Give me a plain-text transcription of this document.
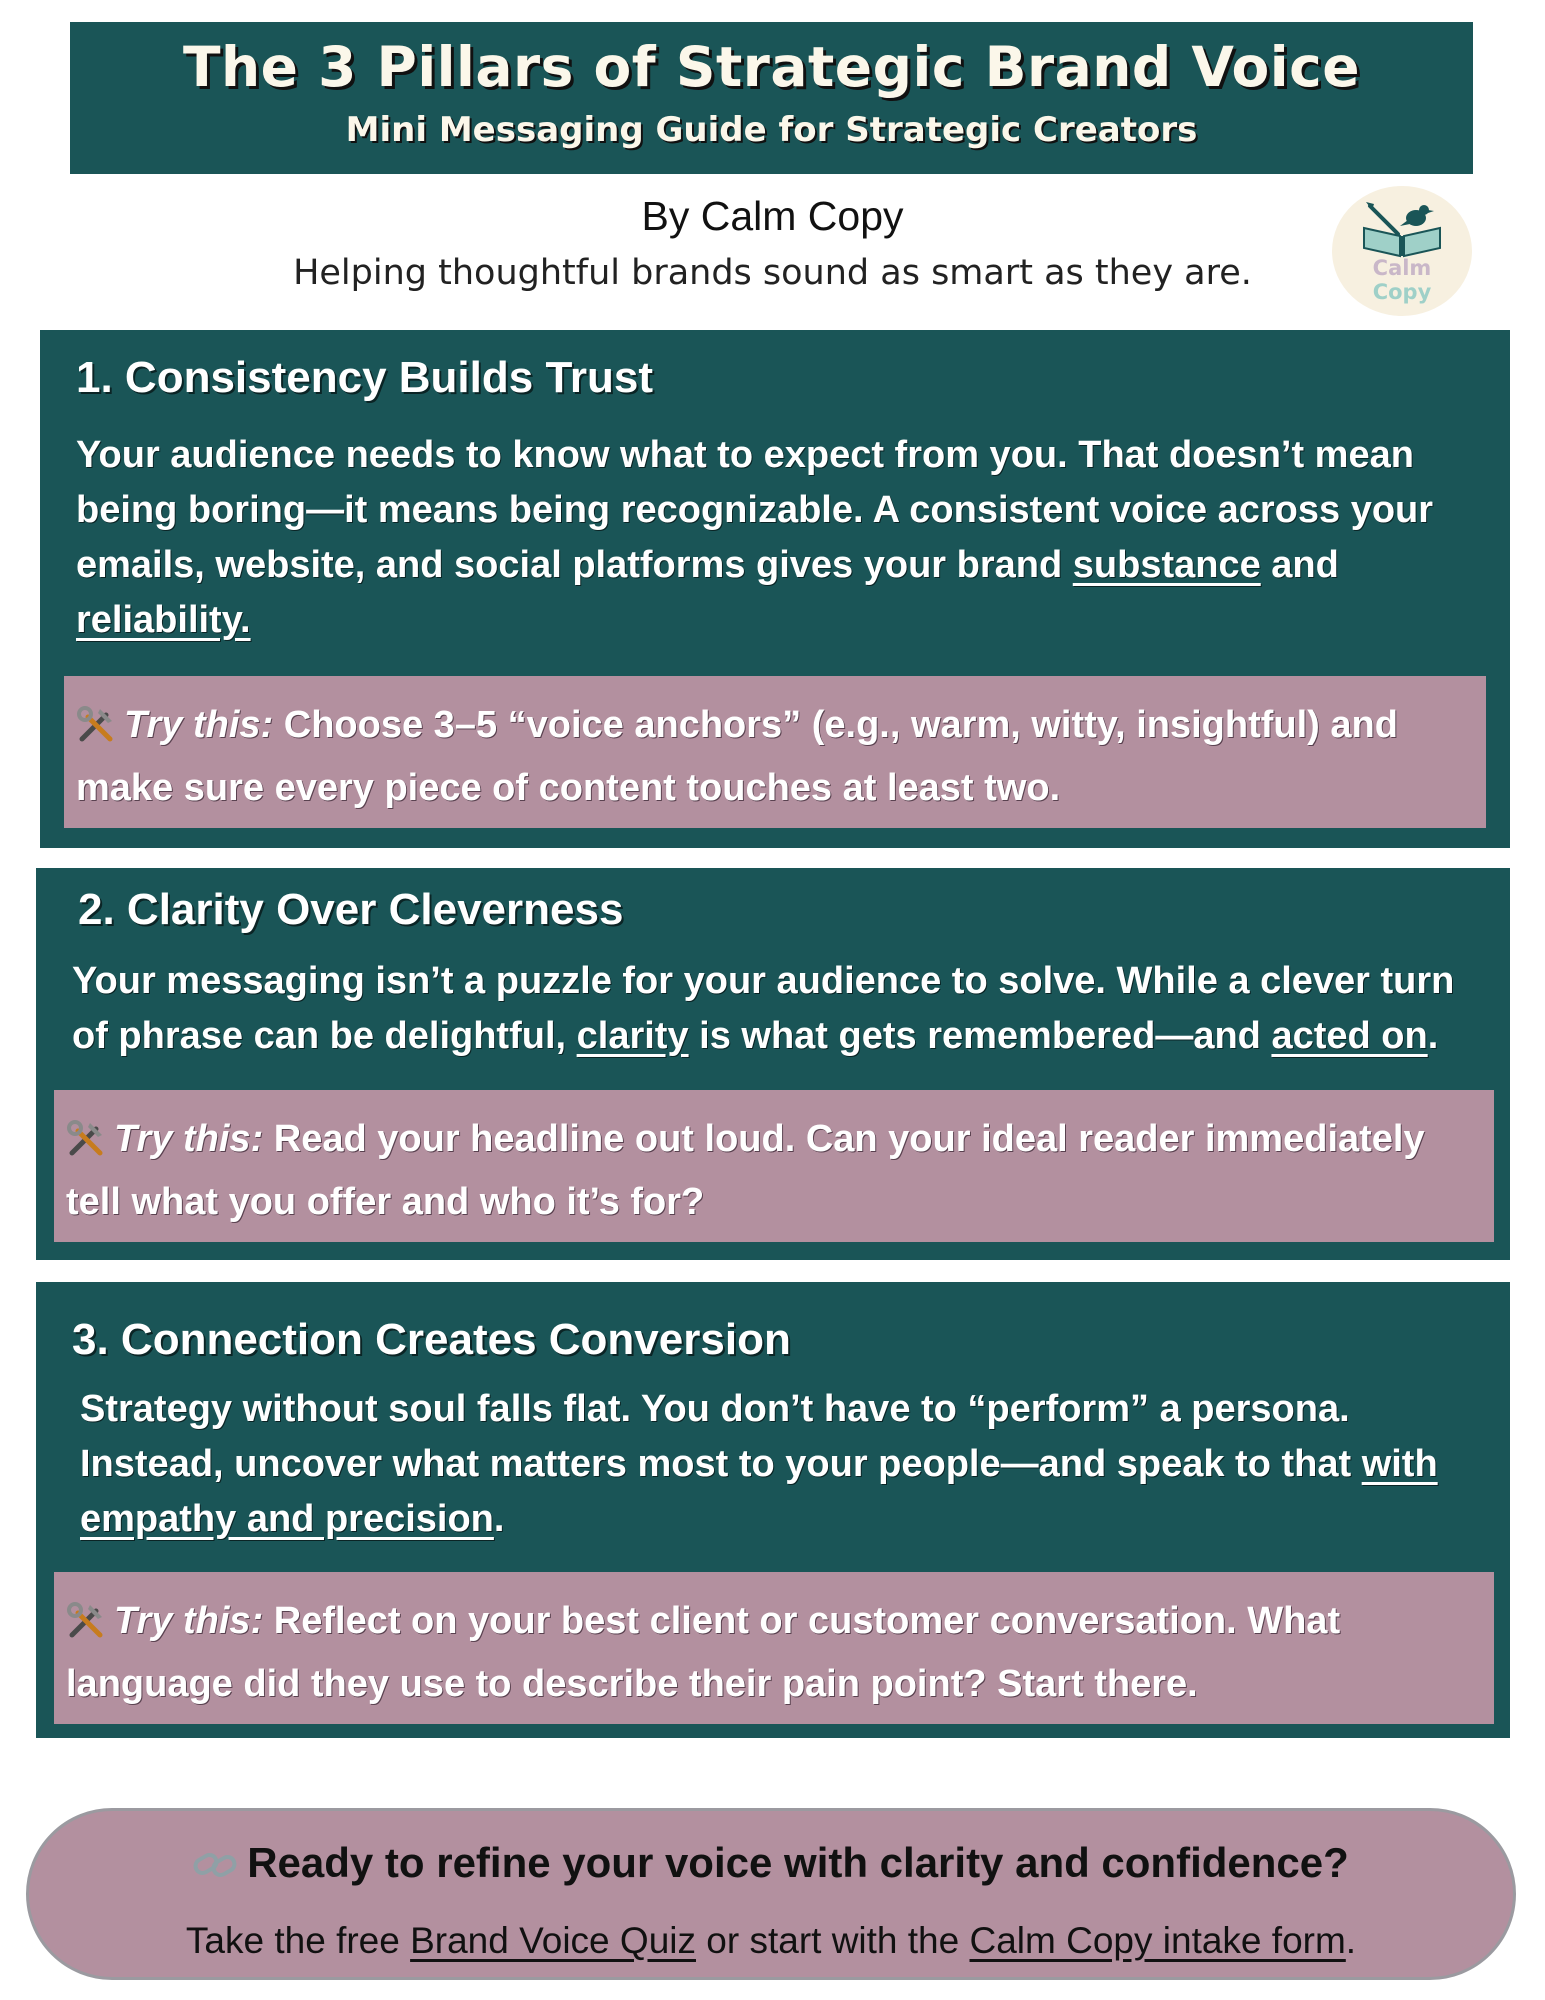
The 3 Pillars of Strategic Brand Voice
Mini Messaging Guide for Strategic Creators
By Calm Copy
Helping thoughtful brands sound as smart as they are.	Calm
Copy
1. Consistency Builds Trust
Your audience needs to know what to expect from you. That doesn’t mean being boring—it means being recognizable. A consistent voice across your emails, website, and social platforms gives your brand substance and reliability.
Try this: Choose 3–5 “voice anchors” (e.g., warm, witty, insightful) and make sure every piece of content touches at least two.
2. Clarity Over Cleverness
Your messaging isn’t a puzzle for your audience to solve. While a clever turn of phrase can be delightful, clarity is what gets remembered—and acted on.
Try this: Read your headline out loud. Can your ideal reader immediately tell what you offer and who it’s for?
3. Connection Creates Conversion
Strategy without soul falls flat. You don’t have to “perform” a persona. Instead, uncover what matters most to your people—and speak to that with empathy and precision.
Try this: Reflect on your best client or customer conversation. What language did they use to describe their pain point? Start there.
Ready to refine your voice with clarity and confidence?
Take the free Brand Voice Quiz or start with the Calm Copy intake form.
